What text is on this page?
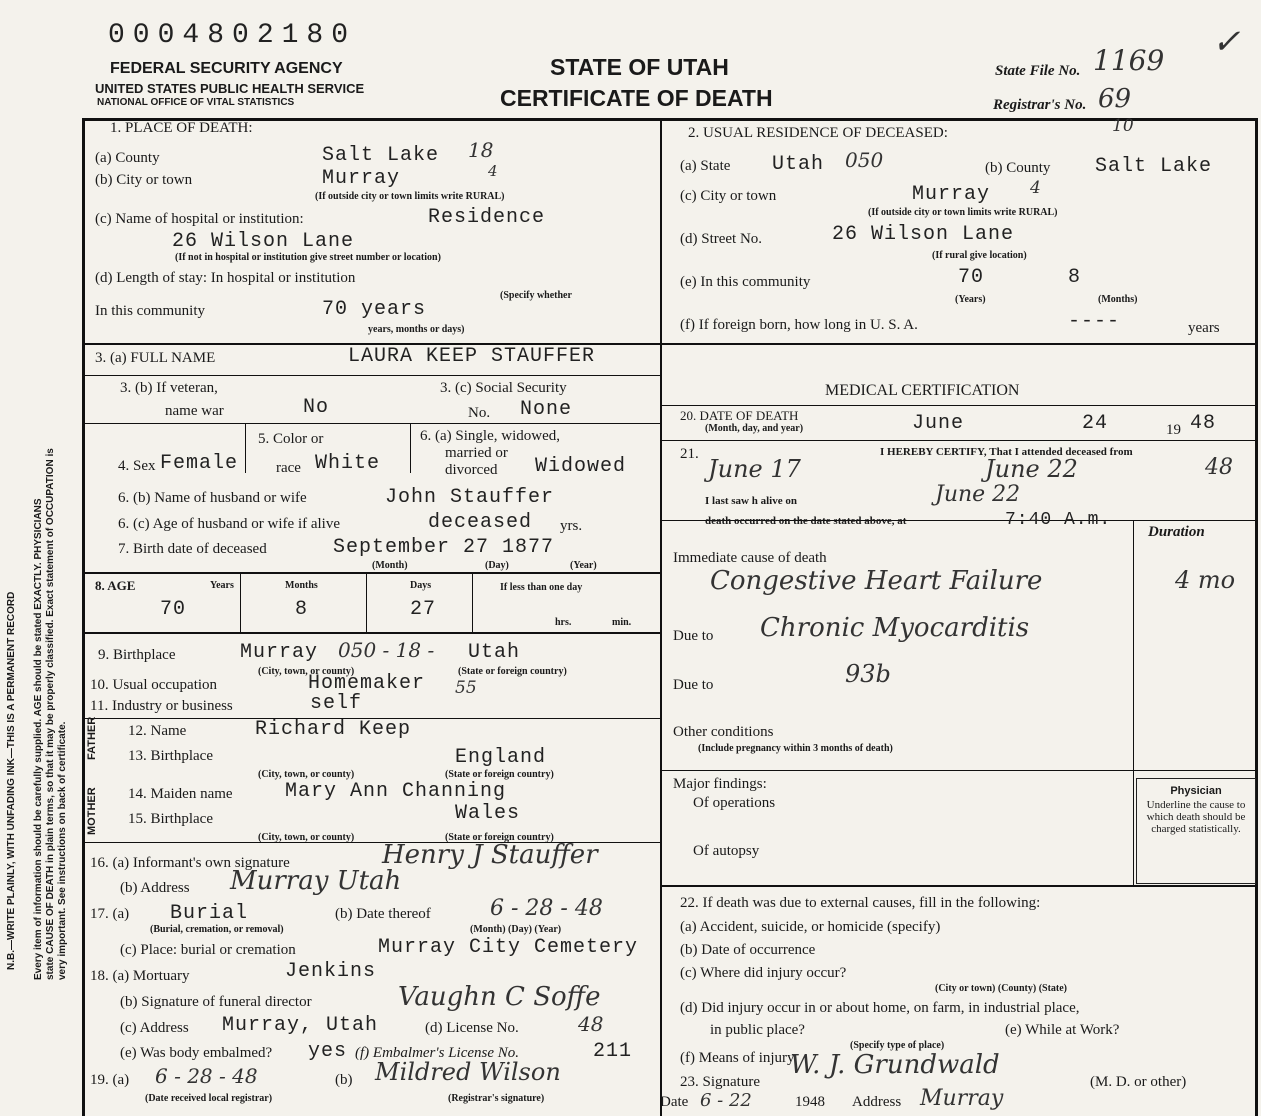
0004802180
FEDERAL SECURITY AGENCY
UNITED STATES PUBLIC HEALTH SERVICE
NATIONAL OFFICE OF VITAL STATISTICS
STATE OF UTAH
CERTIFICATE OF DEATH
State File No. 1169
Registrar's No. 69
✓
N.B.—WRITE PLAINLY, WITH UNFADING INK—THIS IS A PERMANENT RECORD Every item of information should be carefully supplied. AGE should be stated EXACTLY. PHYSICIANS state CAUSE OF DEATH in plain terms, so that it may be properly classified. Exact statement of OCCUPATION is very important. See instructions on back of certificate.
1. PLACE OF DEATH:
(a) County	Salt Lake 18
(b) City or town	Murray	4
(If outside city or town limits write RURAL)
(c) Name of hospital or institution:	Residence
26 Wilson Lane
(If not in hospital or institution give street number or location)
(d) Length of stay: In hospital or institution
(Specify whether
In this community	70 years
years, months or days)
2. USUAL RESIDENCE OF DECEASED:	10
(a) State Utah 050	(b) County Salt Lake
(c) City or town	Murray 4
(If outside city or town limits write RURAL)
(d) Street No.	26 Wilson Lane
(If rural give location)
(e) In this community	70	8
(Years)	(Months)
(f) If foreign born, how long in U. S. A.	----	years
3. (a) FULL NAME	LAURA KEEP STAUFFER
3. (b) If veteran,
name war	No
3. (c) Social Security
No. None
4. Sex Female
5. Color or
race White
6. (a) Single, widowed,
married or
divorced Widowed
6. (b) Name of husband or wife	John Stauffer
6. (c) Age of husband or wife if alive	deceased yrs.
7. Birth date of deceased	September 27 1877
(Month)	(Day)	(Year)
8. AGE	Years	Months	Days	If less than one day
70	8	27
hrs.	min.
9. Birthplace	Murray 050 - 18 - Utah
(City, town, or county)	(State or foreign country)
10. Usual occupation	Homemaker 55
11. Industry or business	self
FATHER
MOTHER
12. Name	Richard Keep
13. Birthplace	England
(City, town, or county)	(State or foreign country)
14. Maiden name	Mary Ann Channing
15. Birthplace	Wales
(City, town, or county)	(State or foreign country)
16. (a) Informant's own signature	Henry J Stauffer
(b) Address Murray Utah
17. (a) Burial
(Burial, cremation, or removal)
(b) Date thereof	6 - 28 - 48
(Month) (Day) (Year)
(c) Place: burial or cremation	Murray City Cemetery
18. (a) Mortuary	Jenkins
(b) Signature of funeral director	Vaughn C Soffe
(c) Address Murray, Utah	(d) License No.	48
(e) Was body embalmed? yes (f) Embalmer's License No.	211
19. (a) 6 - 28 - 48
(Date received local registrar)
(b) Mildred Wilson
(Registrar's signature)
MEDICAL CERTIFICATION
20. DATE OF DEATH
(Month, day, and year)	June	24	19 48
21.	I HEREBY CERTIFY, That I attended deceased from
June 17	June 22	48
I last saw h alive on	June 22
death occurred on the date stated above, at	7:40 A.m.
Duration
Immediate cause of death
Congestive Heart Failure	4 mo
Due to Chronic Myocarditis
Due to	93b
Other conditions
(Include pregnancy within 3 months of death)
Major findings:
Of operations
Of autopsy
Physician
Underline the cause to which death should be charged statistically.
22. If death was due to external causes, fill in the following:
(a) Accident, suicide, or homicide (specify)
(b) Date of occurrence
(c) Where did injury occur?
(City or town) (County) (State)
(d) Did injury occur in or about home, on farm, in industrial place,
in public place?	(e) While at Work?
(Specify type of place)
(f) Means of injury
23. Signature
W. J. Grundwald
(M. D. or other)
Date 6 - 22	1948 Address Murray
